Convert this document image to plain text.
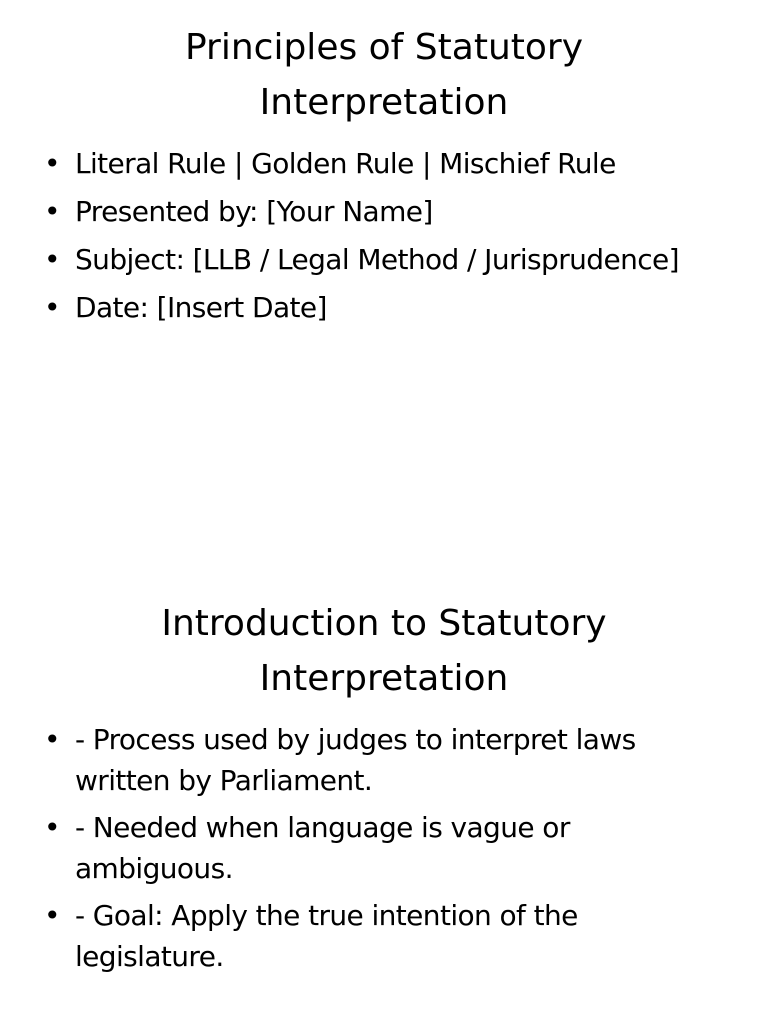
Principles of Statutory
Interpretation
• Literal Rule | Golden Rule | Mischief Rule
• Presented by: [Your Name]
• Subject: [LLB / Legal Method / Jurisprudence]
• Date: [Insert Date]
Introduction to Statutory
Interpretation
• - Process used by judges to interpret laws written by Parliament.
• - Needed when language is vague or ambiguous.
• - Goal: Apply the true intention of the legislature.
